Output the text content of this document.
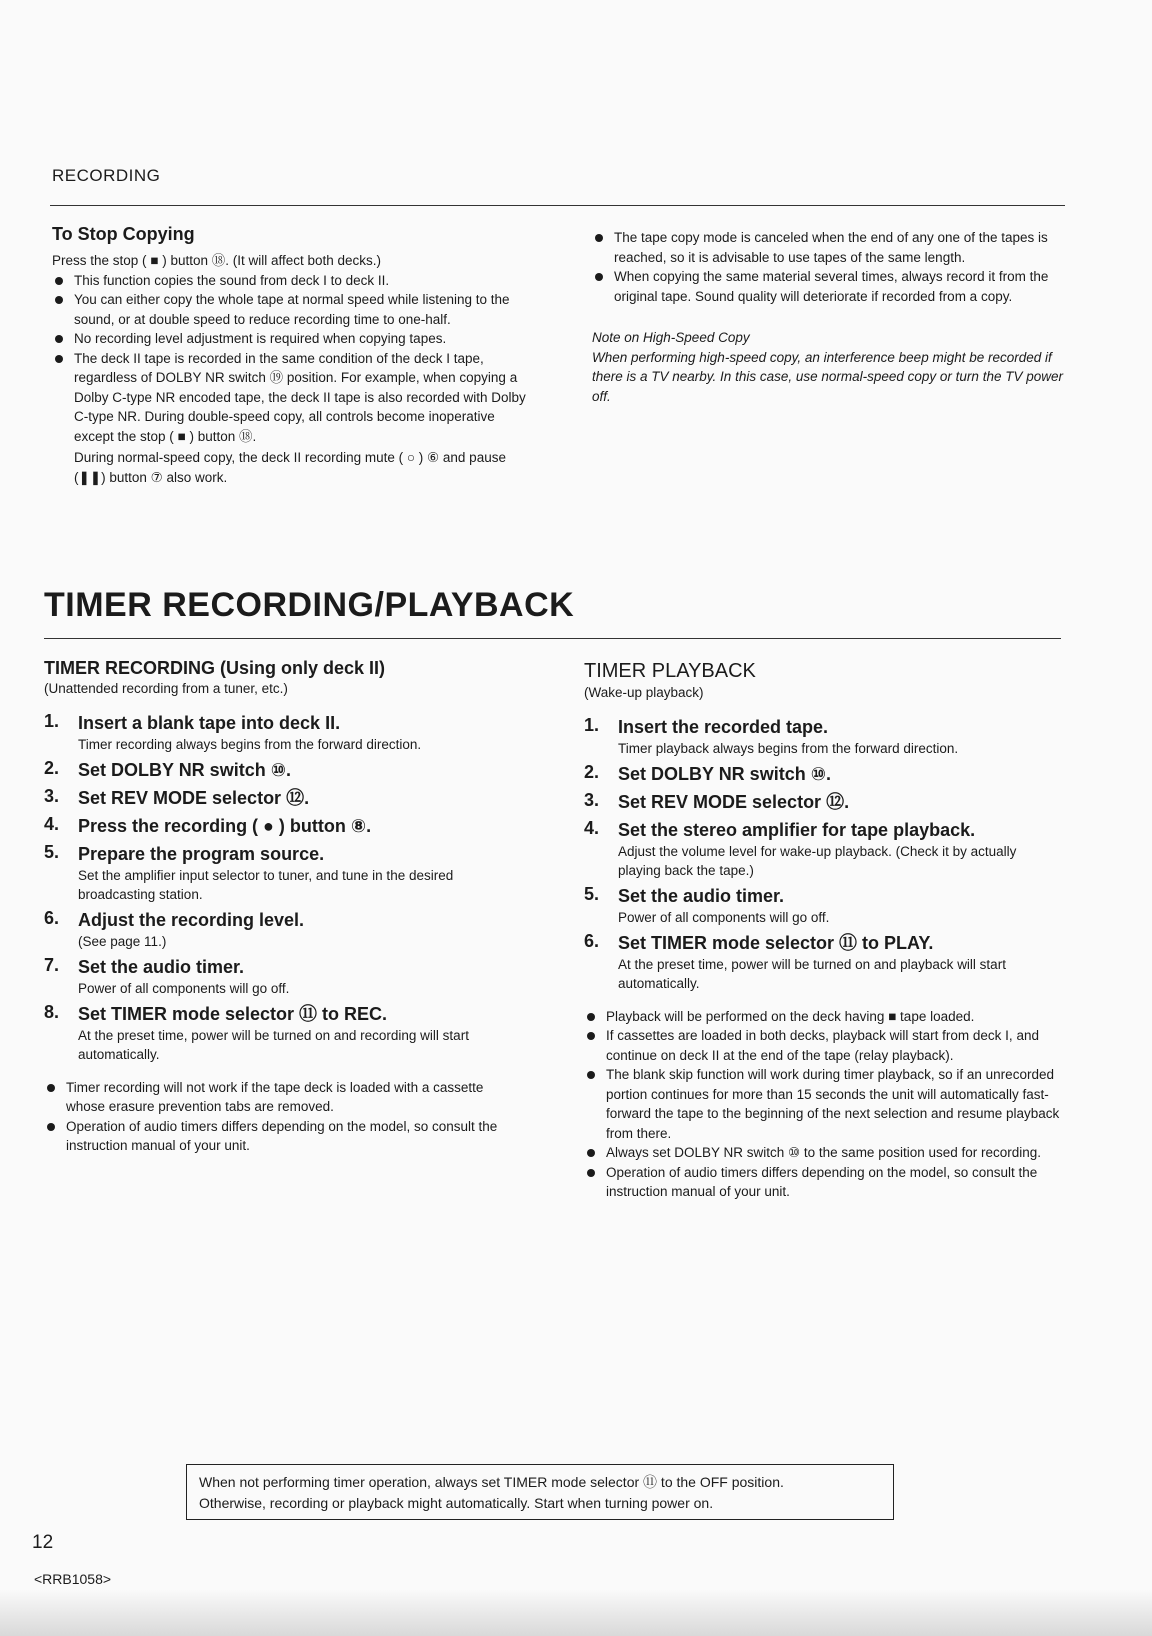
RECORDING
To Stop Copying
Press the stop ( ■ ) button ⑱. (It will affect both decks.)
This function copies the sound from deck I to deck II.
You can either copy the whole tape at normal speed while listening to the sound, or at double speed to reduce recording time to one-half.
No recording level adjustment is required when copying tapes.
The deck II tape is recorded in the same condition of the deck I tape, regardless of DOLBY NR switch ⑲ position. For example, when copying a Dolby C-type NR encoded tape, the deck II tape is also recorded with Dolby C-type NR. During double-speed copy, all controls become inoperative except the stop ( ■ ) button ⑱.
During normal-speed copy, the deck II recording mute ( ○ ) ⑥ and pause (❚❚) button ⑦ also work.
The tape copy mode is canceled when the end of any one of the tapes is reached, so it is advisable to use tapes of the same length.
When copying the same material several times, always record it from the original tape. Sound quality will deteriorate if recorded from a copy.
Note on High-Speed Copy
When performing high-speed copy, an interference beep might be recorded if there is a TV nearby. In this case, use normal-speed copy or turn the TV power off.
TIMER RECORDING/PLAYBACK
TIMER RECORDING (Using only deck II)
(Unattended recording from a tuner, etc.)
1. Insert a blank tape into deck II.
Timer recording always begins from the forward direction.
2. Set DOLBY NR switch ⑩.
3. Set REV MODE selector ⑫.
4. Press the recording ( ● ) button ⑧.
5. Prepare the program source.
Set the amplifier input selector to tuner, and tune in the desired broadcasting station.
6. Adjust the recording level.
(See page 11.)
7. Set the audio timer.
Power of all components will go off.
8. Set TIMER mode selector ⑪ to REC.
At the preset time, power will be turned on and recording will start automatically.
Timer recording will not work if the tape deck is loaded with a cassette whose erasure prevention tabs are removed.
Operation of audio timers differs depending on the model, so consult the instruction manual of your unit.
TIMER PLAYBACK
(Wake-up playback)
1. Insert the recorded tape.
Timer playback always begins from the forward direction.
2. Set DOLBY NR switch ⑩.
3. Set REV MODE selector ⑫.
4. Set the stereo amplifier for tape playback.
Adjust the volume level for wake-up playback. (Check it by actually playing back the tape.)
5. Set the audio timer.
Power of all components will go off.
6. Set TIMER mode selector ⑪ to PLAY.
At the preset time, power will be turned on and playback will start automatically.
Playback will be performed on the deck having ■ tape loaded.
If cassettes are loaded in both decks, playback will start from deck I, and continue on deck II at the end of the tape (relay playback).
The blank skip function will work during timer playback, so if an unrecorded portion continues for more than 15 seconds the unit will automatically fast-forward the tape to the beginning of the next selection and resume playback from there.
Always set DOLBY NR switch ⑩ to the same position used for recording.
Operation of audio timers differs depending on the model, so consult the instruction manual of your unit.
When not performing timer operation, always set TIMER mode selector ⑪ to the OFF position.
Otherwise, recording or playback might automatically. Start when turning power on.
12
<RRB1058>
